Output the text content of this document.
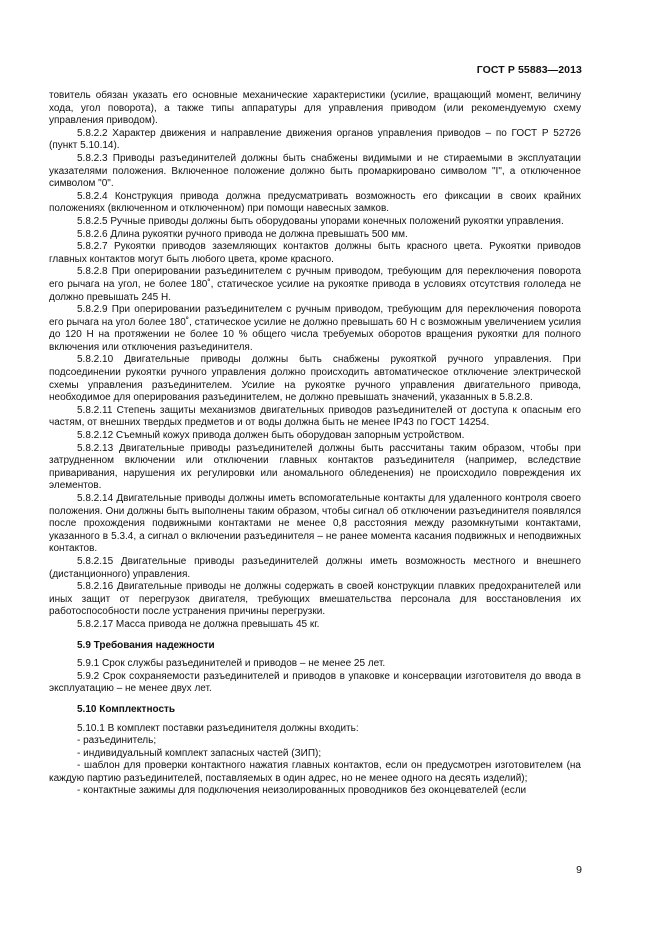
ГОСТ Р 55883—2013

товитель обязан указать его основные механические характеристики (усилие, вращающий момент, величину хода, угол поворота), а также типы аппаратуры для управления приводом (или рекомендуемую схему управления приводом).

5.8.2.2 Характер движения и направление движения органов управления приводов – по ГОСТ Р 52726 (пункт 5.10.14).

5.8.2.3 Приводы разъединителей должны быть снабжены видимыми и не стираемыми в эксплуатации указателями положения. Включенное положение должно быть промаркировано символом "I", а отключенное символом "0".

5.8.2.4 Конструкция привода должна предусматривать возможность его фиксации в своих крайних положениях (включенном и отключенном) при помощи навесных замков.

5.8.2.5 Ручные приводы должны быть оборудованы упорами конечных положений рукоятки управления.

5.8.2.6 Длина рукоятки ручного привода не должна превышать 500 мм.

5.8.2.7 Рукоятки приводов заземляющих контактов должны быть красного цвета. Рукоятки приводов главных контактов могут быть любого цвета, кроме красного.

5.8.2.8 При оперировании разъединителем с ручным приводом, требующим для переключения поворота его рычага на угол, не более 180˚, статическое усилие на рукоятке привода в условиях отсутствия гололеда не должно превышать 245 Н.

5.8.2.9 При оперировании разъединителем с ручным приводом, требующим для переключения поворота его рычага на угол более 180˚, статическое усилие не должно превышать 60 Н с возможным увеличением усилия до 120 Н на протяжении не более 10 % общего числа требуемых оборотов вращения рукоятки для полного включения или отключения разъединителя.

5.8.2.10 Двигательные приводы должны быть снабжены рукояткой ручного управления. При подсоединении рукоятки ручного управления должно происходить автоматическое отключение электрической схемы управления разъединителем. Усилие на рукоятке ручного управления двигательного привода, необходимое для оперирования разъединителем, не должно превышать значений, указанных в 5.8.2.8.

5.8.2.11 Степень защиты механизмов двигательных приводов разъединителей от доступа к опасным его частям, от внешних твердых предметов и от воды должна быть не менее IP43 по ГОСТ 14254.

5.8.2.12 Съемный кожух привода должен быть оборудован запорным устройством.

5.8.2.13 Двигательные приводы разъединителей должны быть рассчитаны таким образом, чтобы при затрудненном включении или отключении главных контактов разъединителя (например, вследствие приваривания, нарушения их регулировки или аномального обледенения) не происходило повреждения их элементов.

5.8.2.14 Двигательные приводы должны иметь вспомогательные контакты для удаленного контроля своего положения. Они должны быть выполнены таким образом, чтобы сигнал об отключении разъединителя появлялся после прохождения подвижными контактами не менее 0,8 расстояния между разомкнутыми контактами, указанного в 5.3.4, а сигнал о включении разъединителя – не ранее момента касания подвижных и неподвижных контактов.

5.8.2.15 Двигательные приводы разъединителей должны иметь возможность местного и внешнего (дистанционного) управления.

5.8.2.16 Двигательные приводы не должны содержать в своей конструкции плавких предохранителей или иных защит от перегрузок двигателя, требующих вмешательства персонала для восстановления их работоспособности после устранения причины перегрузки.

5.8.2.17 Масса привода не должна превышать 45 кг.

5.9 Требования надежности

5.9.1 Срок службы разъединителей и приводов – не менее 25 лет.

5.9.2 Срок сохраняемости разъединителей и приводов в упаковке и консервации изготовителя до ввода в эксплуатацию – не менее двух лет.

5.10 Комплектность

5.10.1 В комплект поставки разъединителя должны входить:

- разъединитель;

- индивидуальный комплект запасных частей (ЗИП);

- шаблон для проверки контактного нажатия главных контактов, если он предусмотрен изготовителем (на каждую партию разъединителей, поставляемых в один адрес, но не менее одного на десять изделий);

- контактные зажимы для подключения неизолированных проводников без оконцевателей (если

9
